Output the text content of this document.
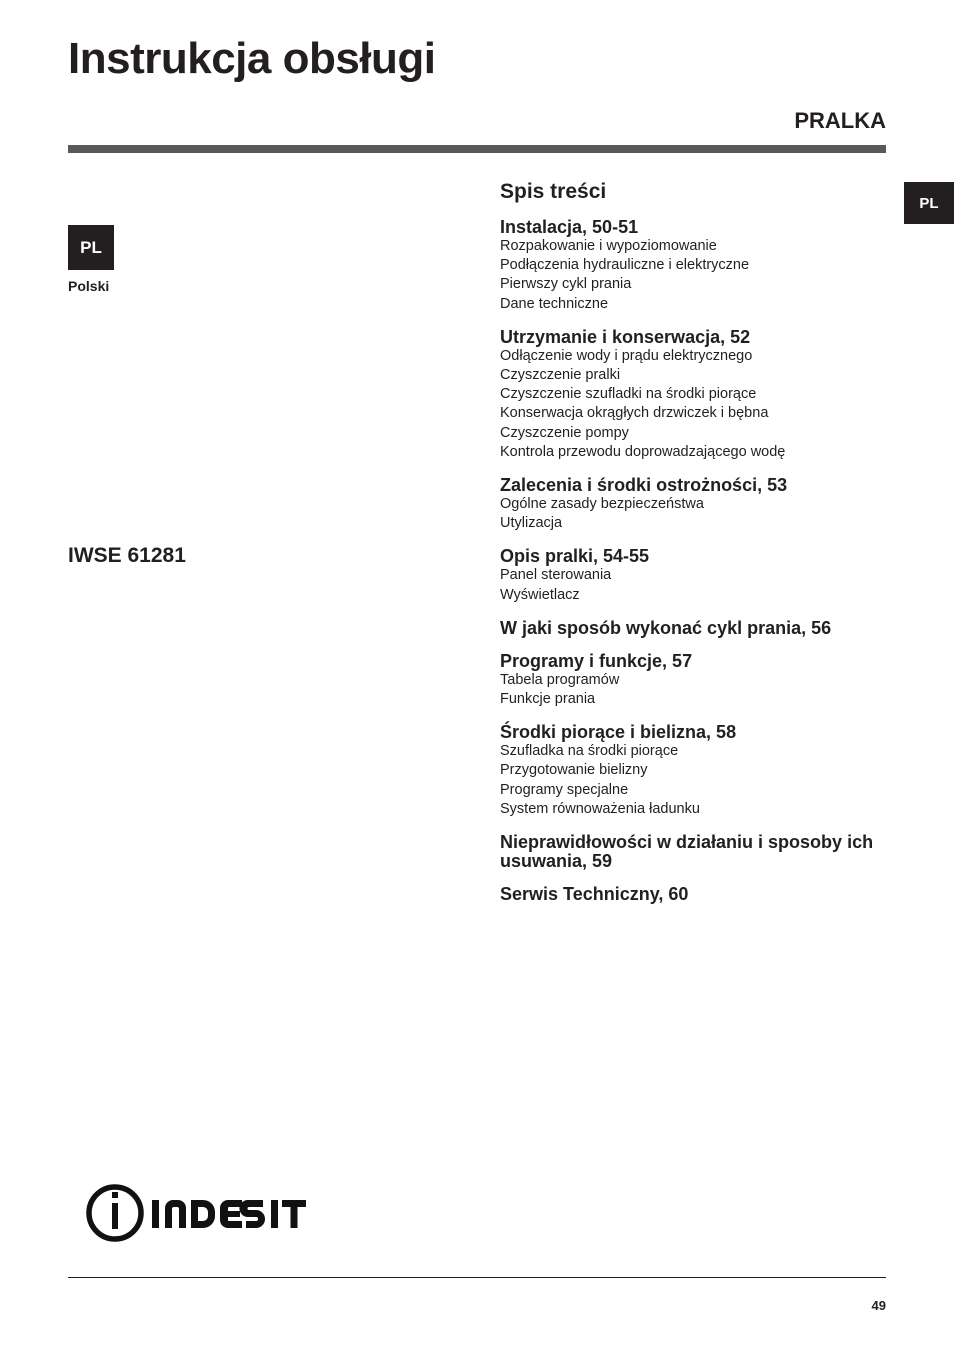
Instrukcja obsługi
PRALKA
PL
Polski
IWSE 61281
PL
Spis treści
Instalacja, 50-51
Rozpakowanie i wypoziomowanie
Podłączenia hydrauliczne i elektryczne
Pierwszy cykl prania
Dane techniczne
Utrzymanie i konserwacja, 52
Odłączenie wody i prądu elektrycznego
Czyszczenie pralki
Czyszczenie szufladki na środki piorące
Konserwacja okrągłych drzwiczek i bębna
Czyszczenie pompy
Kontrola przewodu doprowadzającego wodę
Zalecenia i środki ostrożności, 53
Ogólne zasady bezpieczeństwa
Utylizacja
Opis pralki, 54-55
Panel sterowania
Wyświetlacz
W jaki sposób wykonać cykl prania, 56
Programy i funkcje, 57
Tabela programów
Funkcje prania
Środki piorące i bielizna, 58
Szufladka na środki piorące
Przygotowanie bielizny
Programy specjalne
System równoważenia ładunku
Nieprawidłowości w działaniu i sposoby ich usuwania, 59
Serwis Techniczny, 60
49
